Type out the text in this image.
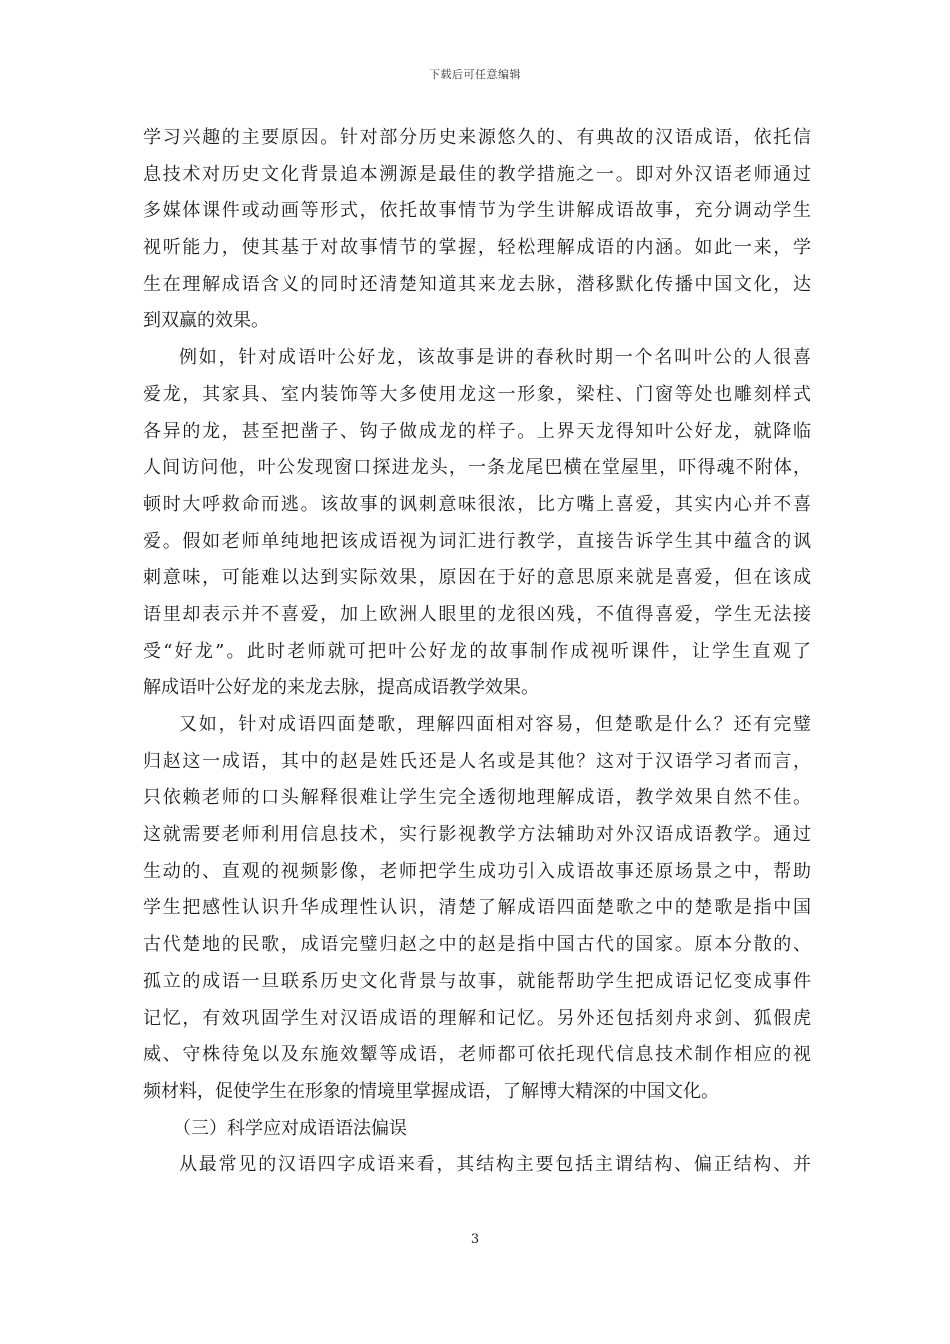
下载后可任意编辑
学习兴趣的主要原因。针对部分历史来源悠久的、有典故的汉语成语，依托信
息技术对历史文化背景追本溯源是最佳的教学措施之一。即对外汉语老师通过
多媒体课件或动画等形式，依托故事情节为学生讲解成语故事，充分调动学生
视听能力，使其基于对故事情节的掌握，轻松理解成语的内涵。如此一来，学
生在理解成语含义的同时还清楚知道其来龙去脉，潜移默化传播中国文化，达
到双赢的效果。
例如，针对成语叶公好龙，该故事是讲的春秋时期一个名叫叶公的人很喜
爱龙，其家具、室内装饰等大多使用龙这一形象，梁柱、门窗等处也雕刻样式
各异的龙，甚至把凿子、钩子做成龙的样子。上界天龙得知叶公好龙，就降临
人间访问他，叶公发现窗口探进龙头，一条龙尾巴横在堂屋里，吓得魂不附体，
顿时大呼救命而逃。该故事的讽刺意味很浓，比方嘴上喜爱，其实内心并不喜
爱。假如老师单纯地把该成语视为词汇进行教学，直接告诉学生其中蕴含的讽
刺意味，可能难以达到实际效果，原因在于好的意思原来就是喜爱，但在该成
语里却表示并不喜爱，加上欧洲人眼里的龙很凶残，不值得喜爱，学生无法接
受“好龙”。此时老师就可把叶公好龙的故事制作成视听课件，让学生直观了
解成语叶公好龙的来龙去脉，提高成语教学效果。
又如，针对成语四面楚歌，理解四面相对容易，但楚歌是什么？还有完璧
归赵这一成语，其中的赵是姓氏还是人名或是其他？这对于汉语学习者而言，
只依赖老师的口头解释很难让学生完全透彻地理解成语，教学效果自然不佳。
这就需要老师利用信息技术，实行影视教学方法辅助对外汉语成语教学。通过
生动的、直观的视频影像，老师把学生成功引入成语故事还原场景之中，帮助
学生把感性认识升华成理性认识，清楚了解成语四面楚歌之中的楚歌是指中国
古代楚地的民歌，成语完璧归赵之中的赵是指中国古代的国家。原本分散的、
孤立的成语一旦联系历史文化背景与故事，就能帮助学生把成语记忆变成事件
记忆，有效巩固学生对汉语成语的理解和记忆。另外还包括刻舟求剑、狐假虎
威、守株待兔以及东施效颦等成语，老师都可依托现代信息技术制作相应的视
频材料，促使学生在形象的情境里掌握成语，了解博大精深的中国文化。
（三）科学应对成语语法偏误
从最常见的汉语四字成语来看，其结构主要包括主谓结构、偏正结构、并
3
